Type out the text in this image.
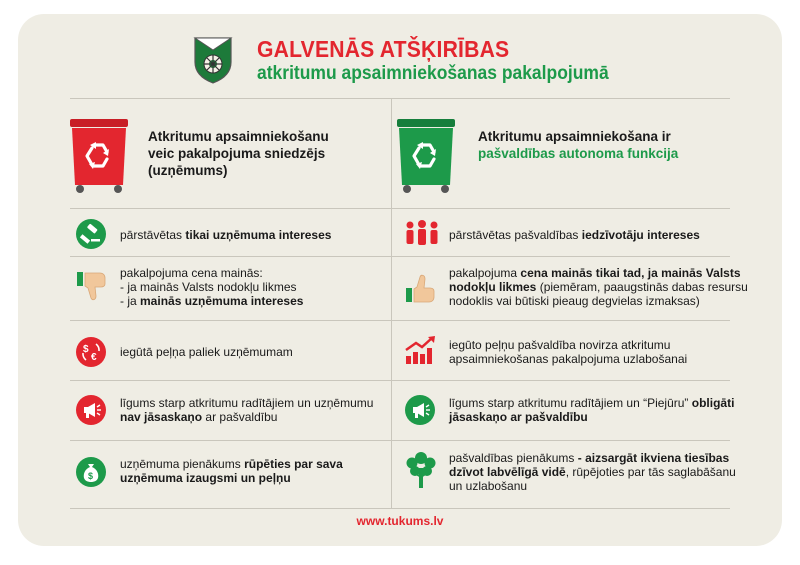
GALVENĀS ATŠĶIRĪBAS
atkritumu apsaimniekošanas pakalpojumā
Atkritumu apsaimniekošanu
veic pakalpojuma sniedzējs
(uzņēmums)
Atkritumu apsaimniekošana ir
pašvaldības autonoma funkcija
$
€
$
pārstāvētas tikai uzņēmuma intereses
pakalpojuma cena mainās:
- ja mainās Valsts nodokļu likmes
- ja mainās uzņēmuma intereses
iegūtā peļņa paliek uzņēmumam
līgums starp atkritumu radītājiem un uzņēmumu
nav jāsaskaņo ar pašvaldību
uzņēmuma pienākums rūpēties par sava
uzņēmuma izaugsmi un peļņu
pārstāvētas pašvaldības iedzīvotāju intereses
pakalpojuma cena mainās tikai tad, ja mainās Valsts
nodokļu likmes (piemēram, paaugstinās dabas resursu
nodoklis vai būtiski pieaug degvielas izmaksas)
iegūto peļņu pašvaldība novirza atkritumu
apsaimniekošanas pakalpojuma uzlabošanai
līgums starp atkritumu radītājiem un “Piejūru” obligāti
jāsaskaņo ar pašvaldību
pašvaldības pienākums - aizsargāt ikviena tiesības
dzīvot labvēlīgā vidē, rūpējoties par tās saglabāšanu
un uzlabošanu
www.tukums.lv
